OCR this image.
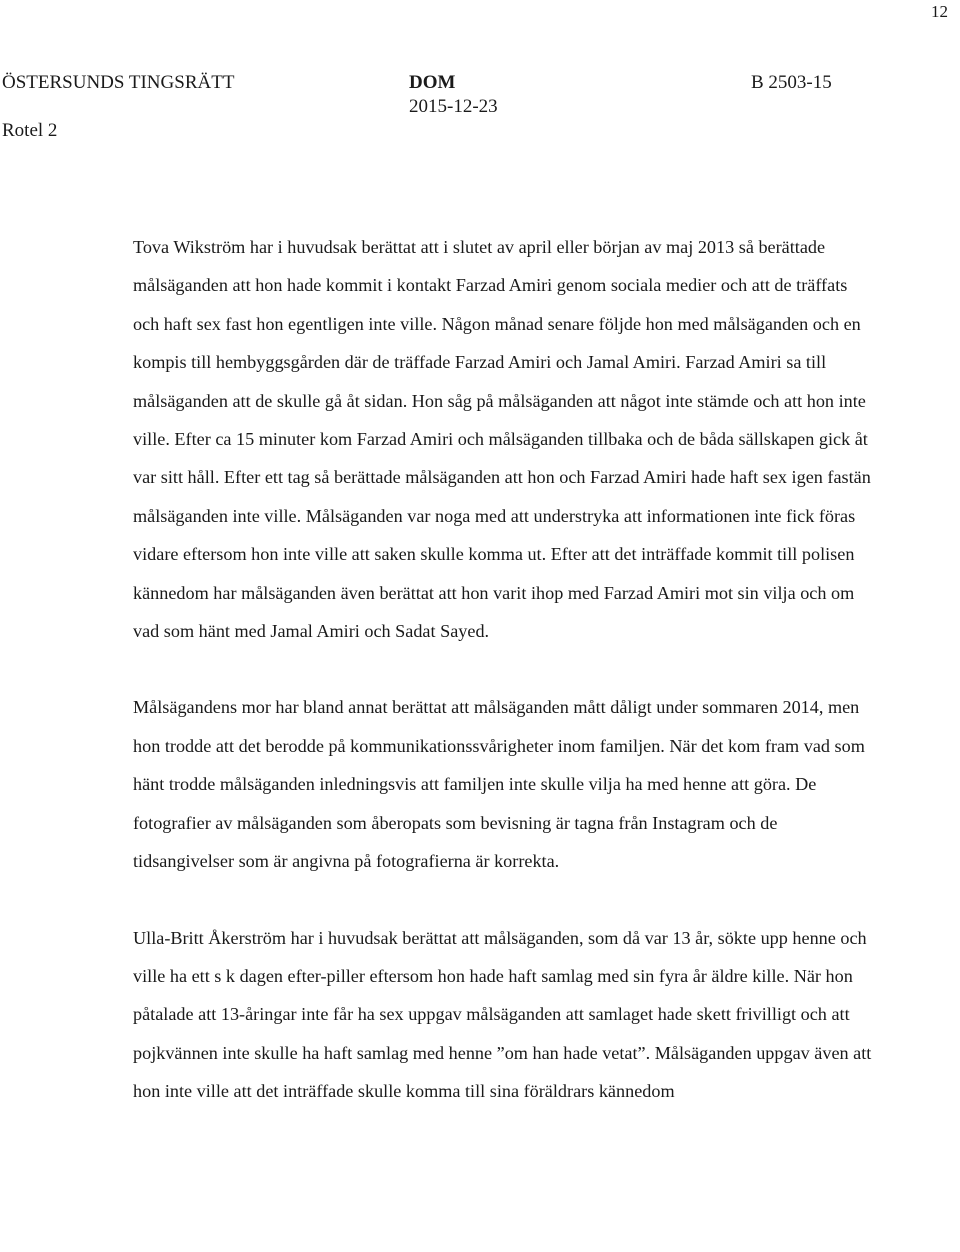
12
ÖSTERSUNDS TINGSRÄTT
Rotel 2
DOM
2015-12-23
B 2503-15

Tova Wikström har i huvudsak berättat att i slutet av april eller början av maj 2013 så berättade målsäganden att hon hade kommit i kontakt Farzad Amiri genom sociala medier och att de träffats och haft sex fast hon egentligen inte ville. Någon månad senare följde hon med målsäganden och en kompis till hembyggsgården där de träffade Farzad Amiri och Jamal Amiri. Farzad Amiri sa till målsäganden att de skulle gå åt sidan. Hon såg på målsäganden att något inte stämde och att hon inte ville. Efter ca 15 minuter kom Farzad Amiri och målsäganden tillbaka och de båda sällskapen gick åt var sitt håll. Efter ett tag så berättade målsäganden att hon och Farzad Amiri hade haft sex igen fastän målsäganden inte ville. Målsäganden var noga med att understryka att informationen inte fick föras vidare eftersom hon inte ville att saken skulle komma ut. Efter att det inträffade kommit till polisen kännedom har målsäganden även berättat att hon varit ihop med Farzad Amiri mot sin vilja och om vad som hänt med Jamal Amiri och Sadat Sayed.

Målsägandens mor har bland annat berättat att målsäganden mått dåligt under sommaren 2014, men hon trodde att det berodde på kommunikationssvårigheter inom familjen. När det kom fram vad som hänt trodde målsäganden inledningsvis att familjen inte skulle vilja ha med henne att göra. De fotografier av målsäganden som åberopats som bevisning är tagna från Instagram och de tidsangivelser som är angivna på fotografierna är korrekta.

Ulla-Britt Åkerström har i huvudsak berättat att målsäganden, som då var 13 år, sökte upp henne och ville ha ett s k dagen efter-piller eftersom hon hade haft samlag med sin fyra år äldre kille. När hon påtalade att 13-åringar inte får ha sex uppgav målsäganden att samlaget hade skett frivilligt och att pojkvännen inte skulle ha haft samlag med henne ”om han hade vetat”. Målsäganden uppgav även att hon inte ville att det inträffade skulle komma till sina föräldrars kännedom
